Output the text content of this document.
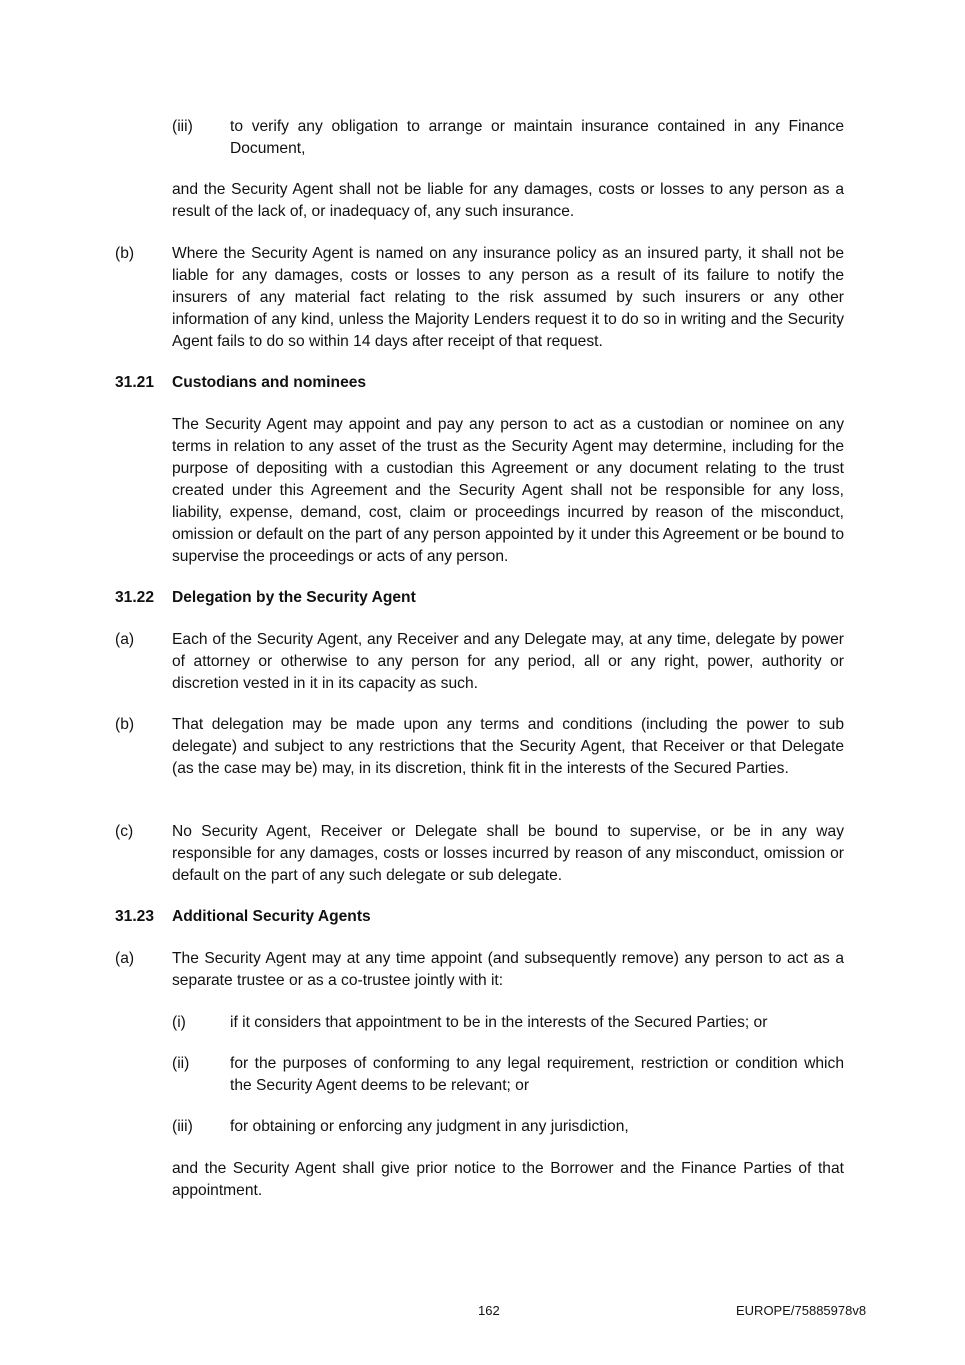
(iii) to verify any obligation to arrange or maintain insurance contained in any Finance Document,
and the Security Agent shall not be liable for any damages, costs or losses to any person as a result of the lack of, or inadequacy of, any such insurance.
(b) Where the Security Agent is named on any insurance policy as an insured party, it shall not be liable for any damages, costs or losses to any person as a result of its failure to notify the insurers of any material fact relating to the risk assumed by such insurers or any other information of any kind, unless the Majority Lenders request it to do so in writing and the Security Agent fails to do so within 14 days after receipt of that request.
31.21 Custodians and nominees
The Security Agent may appoint and pay any person to act as a custodian or nominee on any terms in relation to any asset of the trust as the Security Agent may determine, including for the purpose of depositing with a custodian this Agreement or any document relating to the trust created under this Agreement and the Security Agent shall not be responsible for any loss, liability, expense, demand, cost, claim or proceedings incurred by reason of the misconduct, omission or default on the part of any person appointed by it under this Agreement or be bound to supervise the proceedings or acts of any person.
31.22 Delegation by the Security Agent
(a) Each of the Security Agent, any Receiver and any Delegate may, at any time, delegate by power of attorney or otherwise to any person for any period, all or any right, power, authority or discretion vested in it in its capacity as such.
(b) That delegation may be made upon any terms and conditions (including the power to sub delegate) and subject to any restrictions that the Security Agent, that Receiver or that Delegate (as the case may be) may, in its discretion, think fit in the interests of the Secured Parties.
(c) No Security Agent, Receiver or Delegate shall be bound to supervise, or be in any way responsible for any damages, costs or losses incurred by reason of any misconduct, omission or default on the part of any such delegate or sub delegate.
31.23 Additional Security Agents
(a) The Security Agent may at any time appoint (and subsequently remove) any person to act as a separate trustee or as a co-trustee jointly with it:
(i)	if it considers that appointment to be in the interests of the Secured Parties; or
(ii)	for the purposes of conforming to any legal requirement, restriction or condition which the Security Agent deems to be relevant; or
(iii) for obtaining or enforcing any judgment in any jurisdiction,
and the Security Agent shall give prior notice to the Borrower and the Finance Parties of that appointment.
162	EUROPE/75885978v8
